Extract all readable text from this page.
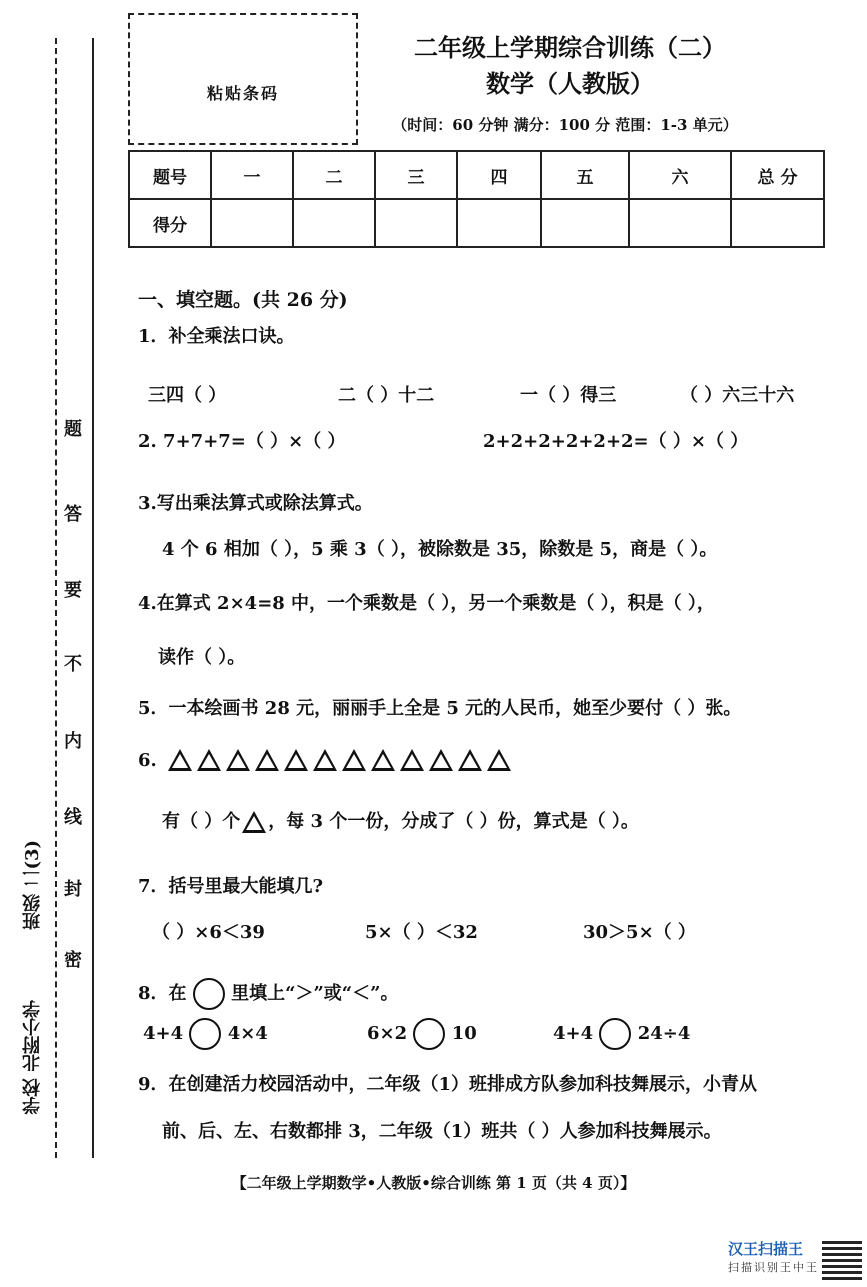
题
答
要
不
内
线
封
密
学校 北附小学
班级 二(3)
粘贴条码
二年级上学期综合训练（二）
数学（人教版）
（时间：60 分钟 满分：100 分 范围：1-3 单元）
题号	一	二	三	四	五	六	总 分
得分							
一、填空题。(共 26 分)
1．补全乘法口诀。
三四（ ）	二（ ）十二	一（ ）得三	（ ）六三十六
2. 7+7+7=（ ）×（ ）	2+2+2+2+2+2=（ ）×（ ）
3.写出乘法算式或除法算式。
4 个 6 相加（ ），5 乘 3（ ），被除数是 35，除数是 5，商是（ ）。
4.在算式 2×4=8 中，一个乘数是（ ），另一个乘数是（ ），积是（ ），
读作（ ）。
5．一本绘画书 28 元，丽丽手上全是 5 元的人民币，她至少要付（ ）张。
6.
有（ ）个 ，每 3 个一份，分成了（ ）份，算式是（ ）。
7．括号里最大能填几?
（ ）×6＜39	5×（ ）＜32	30＞5×（ ）
8．在 里填上“＞”或“＜”。
4+4 4×4	6×2 10	4+4 24÷4
9．在创建活力校园活动中，二年级（1）班排成方队参加科技舞展示，小青从
前、后、左、右数都排 3，二年级（1）班共（ ）人参加科技舞展示。
【二年级上学期数学•人教版•综合训练 第 1 页（共 4 页）】
汉王扫描王
扫描识别王中王
